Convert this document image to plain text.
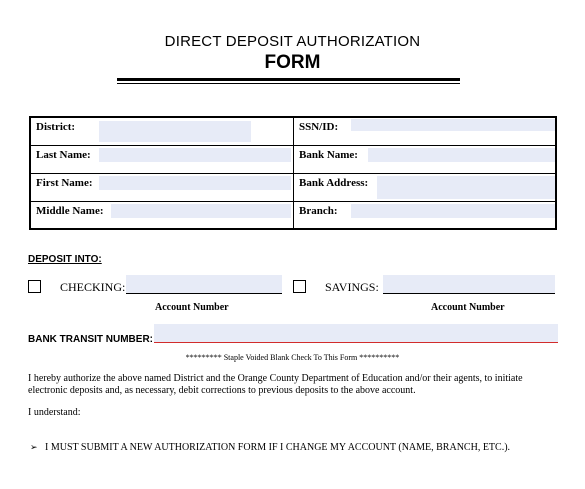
DIRECT DEPOSIT AUTHORIZATION
FORM
District:	SSN/ID:
Last Name:	Bank Name:
First Name:	Bank Address:
Middle Name:	Branch:
DEPOSIT INTO:
CHECKING:
Account Number
SAVINGS:
Account Number
BANK TRANSIT NUMBER:
********* Staple Voided Blank Check To This Form **********
I hereby authorize the above named District and the Orange County Department of Education and/or their agents, to initiate electronic deposits and, as necessary, debit corrections to previous deposits to the above account.
I understand:
➢ I MUST SUBMIT A NEW AUTHORIZATION FORM IF I CHANGE MY ACCOUNT (NAME, BRANCH, ETC.).
